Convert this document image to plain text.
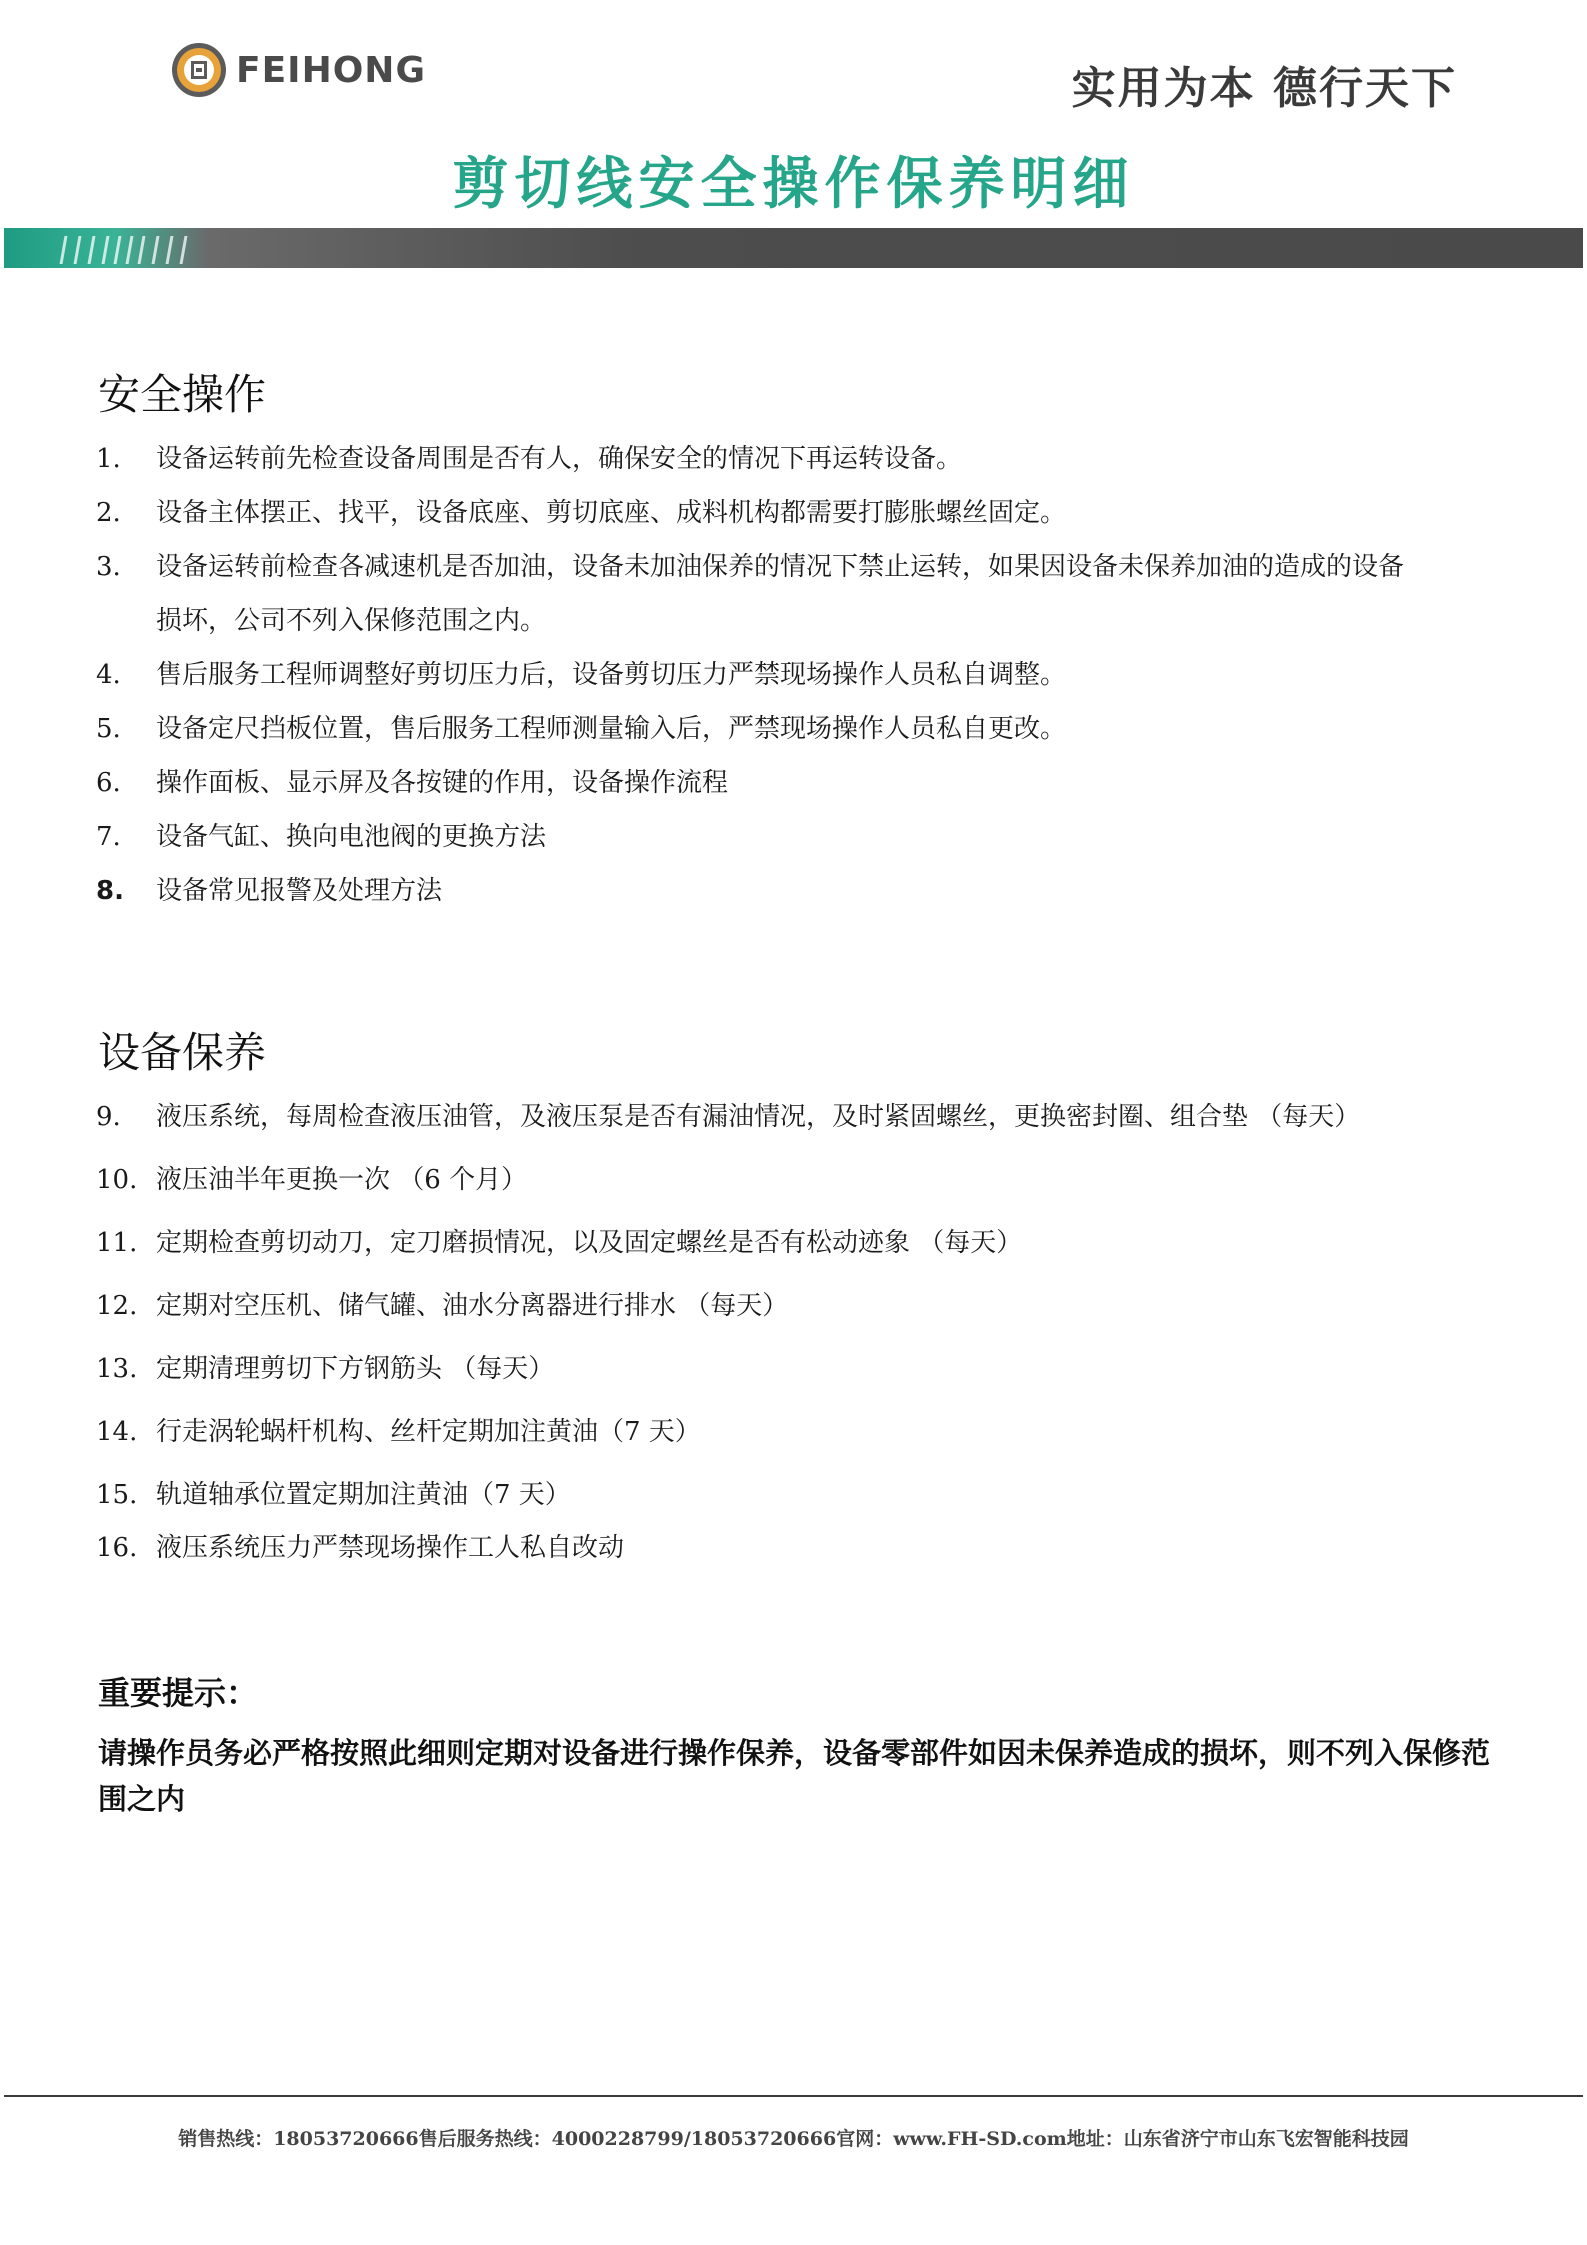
FEIHONG	实用为本 德行天下
剪切线安全操作保养明细
安全操作
1. 设备运转前先检查设备周围是否有人，确保安全的情况下再运转设备。
2. 设备主体摆正、找平，设备底座、剪切底座、成料机构都需要打膨胀螺丝固定。
3. 设备运转前检查各减速机是否加油，设备未加油保养的情况下禁止运转，如果因设备未保养加油的造成的设备
损坏，公司不列入保修范围之内。
4. 售后服务工程师调整好剪切压力后，设备剪切压力严禁现场操作人员私自调整。
5. 设备定尺挡板位置，售后服务工程师测量输入后，严禁现场操作人员私自更改。
6. 操作面板、显示屏及各按键的作用，设备操作流程
7. 设备气缸、换向电池阀的更换方法
8. 设备常见报警及处理方法
设备保养
9. 液压系统，每周检查液压油管，及液压泵是否有漏油情况，及时紧固螺丝，更换密封圈、组合垫 （每天）
10. 液压油半年更换一次 （6 个月）
11. 定期检查剪切动刀，定刀磨损情况，以及固定螺丝是否有松动迹象 （每天）
12. 定期对空压机、储气罐、油水分离器进行排水 （每天）
13. 定期清理剪切下方钢筋头 （每天）
14. 行走涡轮蜗杆机构、丝杆定期加注黄油（7 天）
15. 轨道轴承位置定期加注黄油（7 天）
16. 液压系统压力严禁现场操作工人私自改动
重要提示：
请操作员务必严格按照此细则定期对设备进行操作保养，设备零部件如因未保养造成的损坏，则不列入保修范围之内
销售热线：18053720666售后服务热线：4000228799/18053720666官网：www.FH-SD.com地址：山东省济宁市山东飞宏智能科技园
